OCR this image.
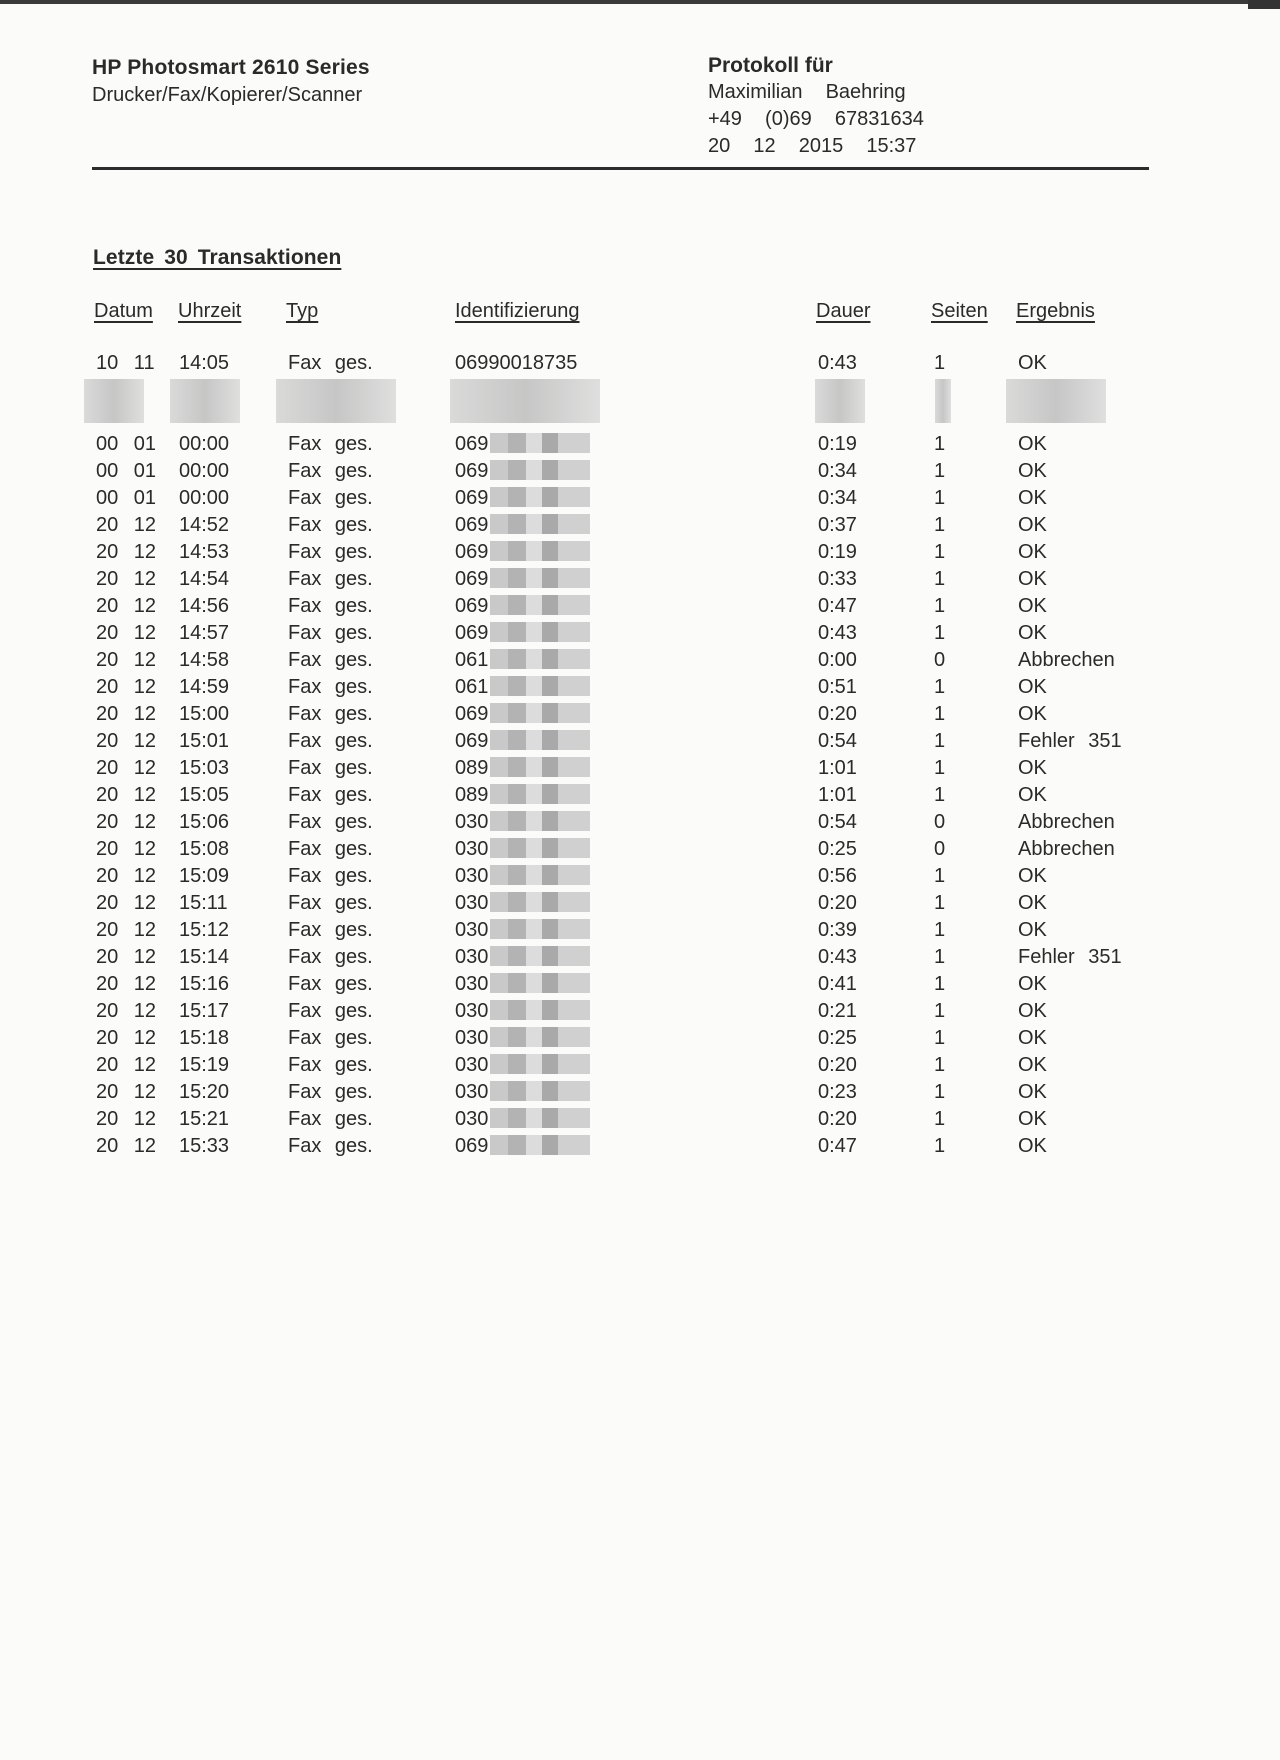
HP Photosmart 2610 Series
Drucker/Fax/Kopierer/Scanner
Protokoll für
Maximilian  Baehring
+49  (0)69  67831634
20  12  2015  15:37
Letzte 30 Transaktionen
Datum Uhrzeit Typ	Identifizierung	Dauer	Seiten Ergebnis
10 11 14:05	Fax ges.	06990018735	0:43	1	OK
00 01 00:00	Fax ges.	069	0:19	1	OK
00 01 00:00	Fax ges.	069	0:34	1	OK
00 01 00:00	Fax ges.	069	0:34	1	OK
20 12 14:52	Fax ges.	069	0:37	1	OK
20 12 14:53	Fax ges.	069	0:19	1	OK
20 12 14:54	Fax ges.	069	0:33	1	OK
20 12 14:56	Fax ges.	069	0:47	1	OK
20 12 14:57	Fax ges.	069	0:43	1	OK
20 12 14:58	Fax ges.	061	0:00	0	Abbrechen
20 12 14:59	Fax ges.	061	0:51	1	OK
20 12 15:00	Fax ges.	069	0:20	1	OK
20 12 15:01	Fax ges.	069	0:54	1	Fehler 351
20 12 15:03	Fax ges.	089	1:01	1	OK
20 12 15:05	Fax ges.	089	1:01	1	OK
20 12 15:06	Fax ges.	030	0:54	0	Abbrechen
20 12 15:08	Fax ges.	030	0:25	0	Abbrechen
20 12 15:09	Fax ges.	030	0:56	1	OK
20 12 15:11	Fax ges.	030	0:20	1	OK
20 12 15:12	Fax ges.	030	0:39	1	OK
20 12 15:14	Fax ges.	030	0:43	1	Fehler 351
20 12 15:16	Fax ges.	030	0:41	1	OK
20 12 15:17	Fax ges.	030	0:21	1	OK
20 12 15:18	Fax ges.	030	0:25	1	OK
20 12 15:19	Fax ges.	030	0:20	1	OK
20 12 15:20	Fax ges.	030	0:23	1	OK
20 12 15:21	Fax ges.	030	0:20	1	OK
20 12 15:33	Fax ges.	069	0:47	1	OK
